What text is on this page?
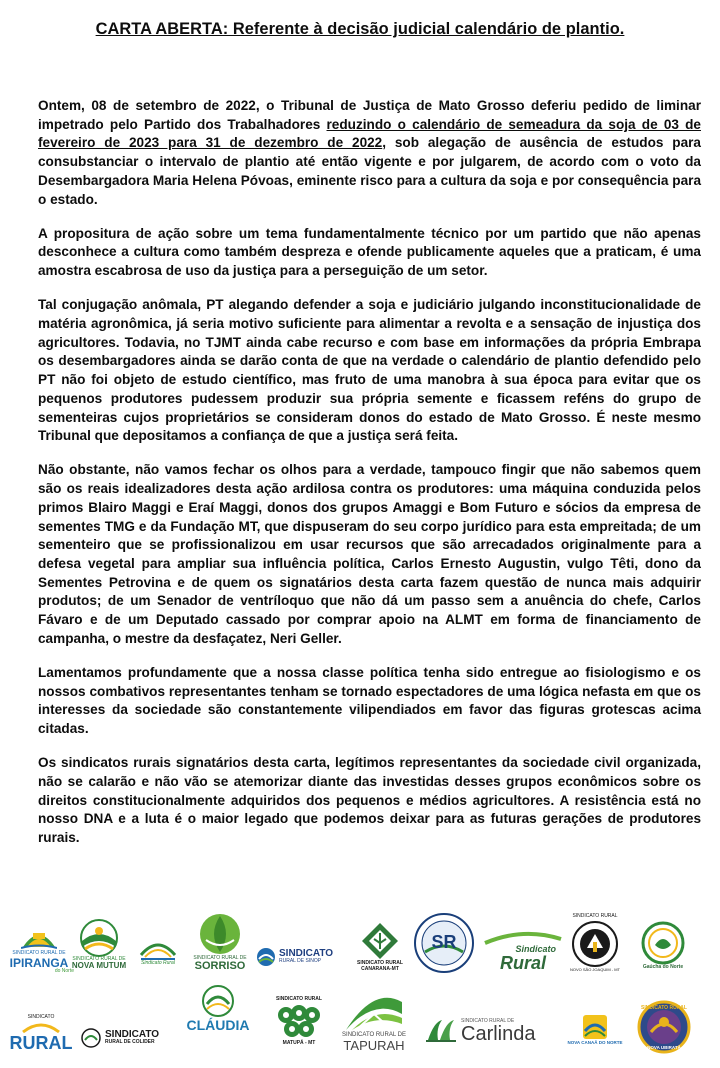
CARTA ABERTA: Referente à decisão judicial calendário de plantio.

Ontem, 08 de setembro de 2022, o Tribunal de Justiça de Mato Grosso deferiu pedido de liminar impetrado pelo Partido dos Trabalhadores reduzindo o calendário de semeadura da soja de 03 de fevereiro de 2023 para 31 de dezembro de 2022, sob alegação de ausência de estudos para consubstanciar o intervalo de plantio até então vigente e por julgarem, de acordo com o voto da Desembargadora Maria Helena Póvoas, eminente risco para a cultura da soja e por consequência para o estado.

A propositura de ação sobre um tema fundamentalmente técnico por um partido que não apenas desconhece a cultura como também despreza e ofende publicamente aqueles que a praticam, é uma amostra escabrosa de uso da justiça para a perseguição de um setor.

Tal conjugação anômala, PT alegando defender a soja e judiciário julgando inconstitucionalidade de matéria agronômica, já seria motivo suficiente para alimentar a revolta e a sensação de injustiça dos agricultores. Todavia, no TJMT ainda cabe recurso e com base em informações da própria Embrapa os desembargadores ainda se darão conta de que na verdade o calendário de plantio defendido pelo PT não foi objeto de estudo científico, mas fruto de uma manobra à sua época para evitar que os pequenos produtores pudessem produzir sua própria semente e ficassem reféns do grupo de sementeiras cujos proprietários se consideram donos do estado de Mato Grosso. É neste mesmo Tribunal que depositamos a confiança de que a justiça será feita.

Não obstante, não vamos fechar os olhos para a verdade, tampouco fingir que não sabemos quem são os reais idealizadores desta ação ardilosa contra os produtores: uma máquina conduzida pelos primos Blairo Maggi e Eraí Maggi, donos dos grupos Amaggi e Bom Futuro e sócios da empresa de sementes TMG e da Fundação MT, que dispuseram do seu corpo jurídico para esta empreitada; de um sementeiro que se profissionalizou em usar recursos que são arrecadados originalmente para a defesa vegetal para ampliar sua influência política, Carlos Ernesto Augustin, vulgo Têti, dono da Sementes Petrovina e de quem os signatários desta carta fazem questão de nunca mais adquirir produtos; de um Senador de ventríloquo que não dá um passo sem a anuência do chefe, Carlos Fávaro e de um Deputado cassado por comprar apoio na ALMT em forma de financiamento de campanha, o mestre da desfaçatez, Neri Geller.

Lamentamos profundamente que a nossa classe política tenha sido entregue ao fisiologismo e os nossos combativos representantes tenham se tornado espectadores de uma lógica nefasta em que os interesses da sociedade são constantemente vilipendiados em favor das figuras grotescas acima citadas.

Os sindicatos rurais signatários desta carta, legítimos representantes da sociedade civil organizada, não se calarão e não vão se atemorizar diante das investidas desses grupos econômicos sobre os direitos constitucionalmente adquiridos dos pequenos e médios agricultores. A resistência está no nosso DNA e a luta é o maior legado que podemos deixar para as futuras gerações de produtores rurais.

SINDICATO RURAL DE
IPIRANGA
do Norte
SINDICATO RURAL DE
NOVA MUTUM	Sindicato Rural
SINDICATO RURAL DE
SORRISO
SINDICATO
RURAL DE SINOP	SINDICATO RURAL
CANARANA-MT
SR	Sindicato
Rural
SINDICATO RURAL
NOVO SÃO JOAQUIM - MT	Gaúcha do Norte
SINDICATO
RURAL	SINDICATO
RURAL DE COLIDER
CLÁUDIA
SINDICATO RURAL
MATUPÁ - MT
SINDICATO RURAL DE
TAPURAH
SINDICATO RURAL DE
Carlinda	NOVA CANAÃ DO NORTE
SINDICATO RURAL
NOVA UBIRATÃ
